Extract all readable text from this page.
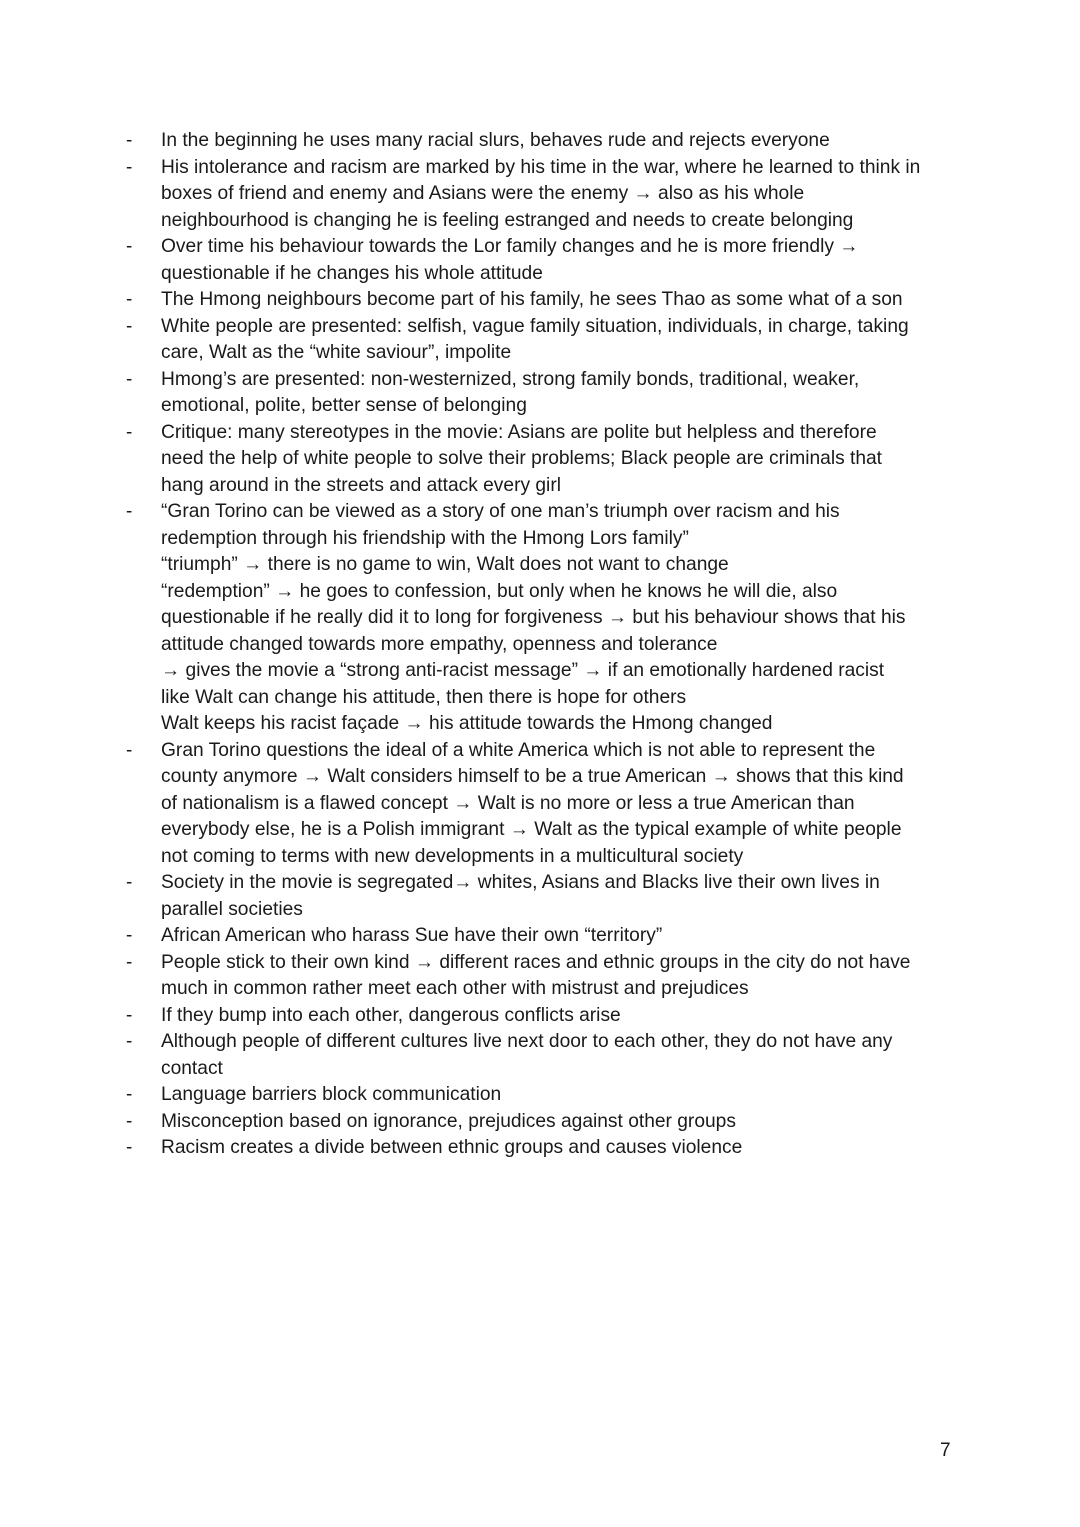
- In the beginning he uses many racial slurs, behaves rude and rejects everyone
- His intolerance and racism are marked by his time in the war, where he learned to think in
boxes of friend and enemy and Asians were the enemy → also as his whole
neighbourhood is changing he is feeling estranged and needs to create belonging
- Over time his behaviour towards the Lor family changes and he is more friendly →
questionable if he changes his whole attitude
- The Hmong neighbours become part of his family, he sees Thao as some what of a son
- White people are presented: selfish, vague family situation, individuals, in charge, taking
care, Walt as the “white saviour”, impolite
- Hmong’s are presented: non-westernized, strong family bonds, traditional, weaker,
emotional, polite, better sense of belonging
- Critique: many stereotypes in the movie: Asians are polite but helpless and therefore
need the help of white people to solve their problems; Black people are criminals that
hang around in the streets and attack every girl
- “Gran Torino can be viewed as a story of one man’s triumph over racism and his
redemption through his friendship with the Hmong Lors family”
“triumph” → there is no game to win, Walt does not want to change
“redemption” → he goes to confession, but only when he knows he will die, also
questionable if he really did it to long for forgiveness → but his behaviour shows that his
attitude changed towards more empathy, openness and tolerance
→ gives the movie a “strong anti-racist message” → if an emotionally hardened racist
like Walt can change his attitude, then there is hope for others
Walt keeps his racist façade → his attitude towards the Hmong changed
- Gran Torino questions the ideal of a white America which is not able to represent the
county anymore → Walt considers himself to be a true American → shows that this kind
of nationalism is a flawed concept → Walt is no more or less a true American than
everybody else, he is a Polish immigrant → Walt as the typical example of white people
not coming to terms with new developments in a multicultural society
- Society in the movie is segregated→ whites, Asians and Blacks live their own lives in
parallel societies
- African American who harass Sue have their own “territory”
- People stick to their own kind → different races and ethnic groups in the city do not have
much in common rather meet each other with mistrust and prejudices
- If they bump into each other, dangerous conflicts arise
- Although people of different cultures live next door to each other, they do not have any
contact
- Language barriers block communication
- Misconception based on ignorance, prejudices against other groups
- Racism creates a divide between ethnic groups and causes violence
7
